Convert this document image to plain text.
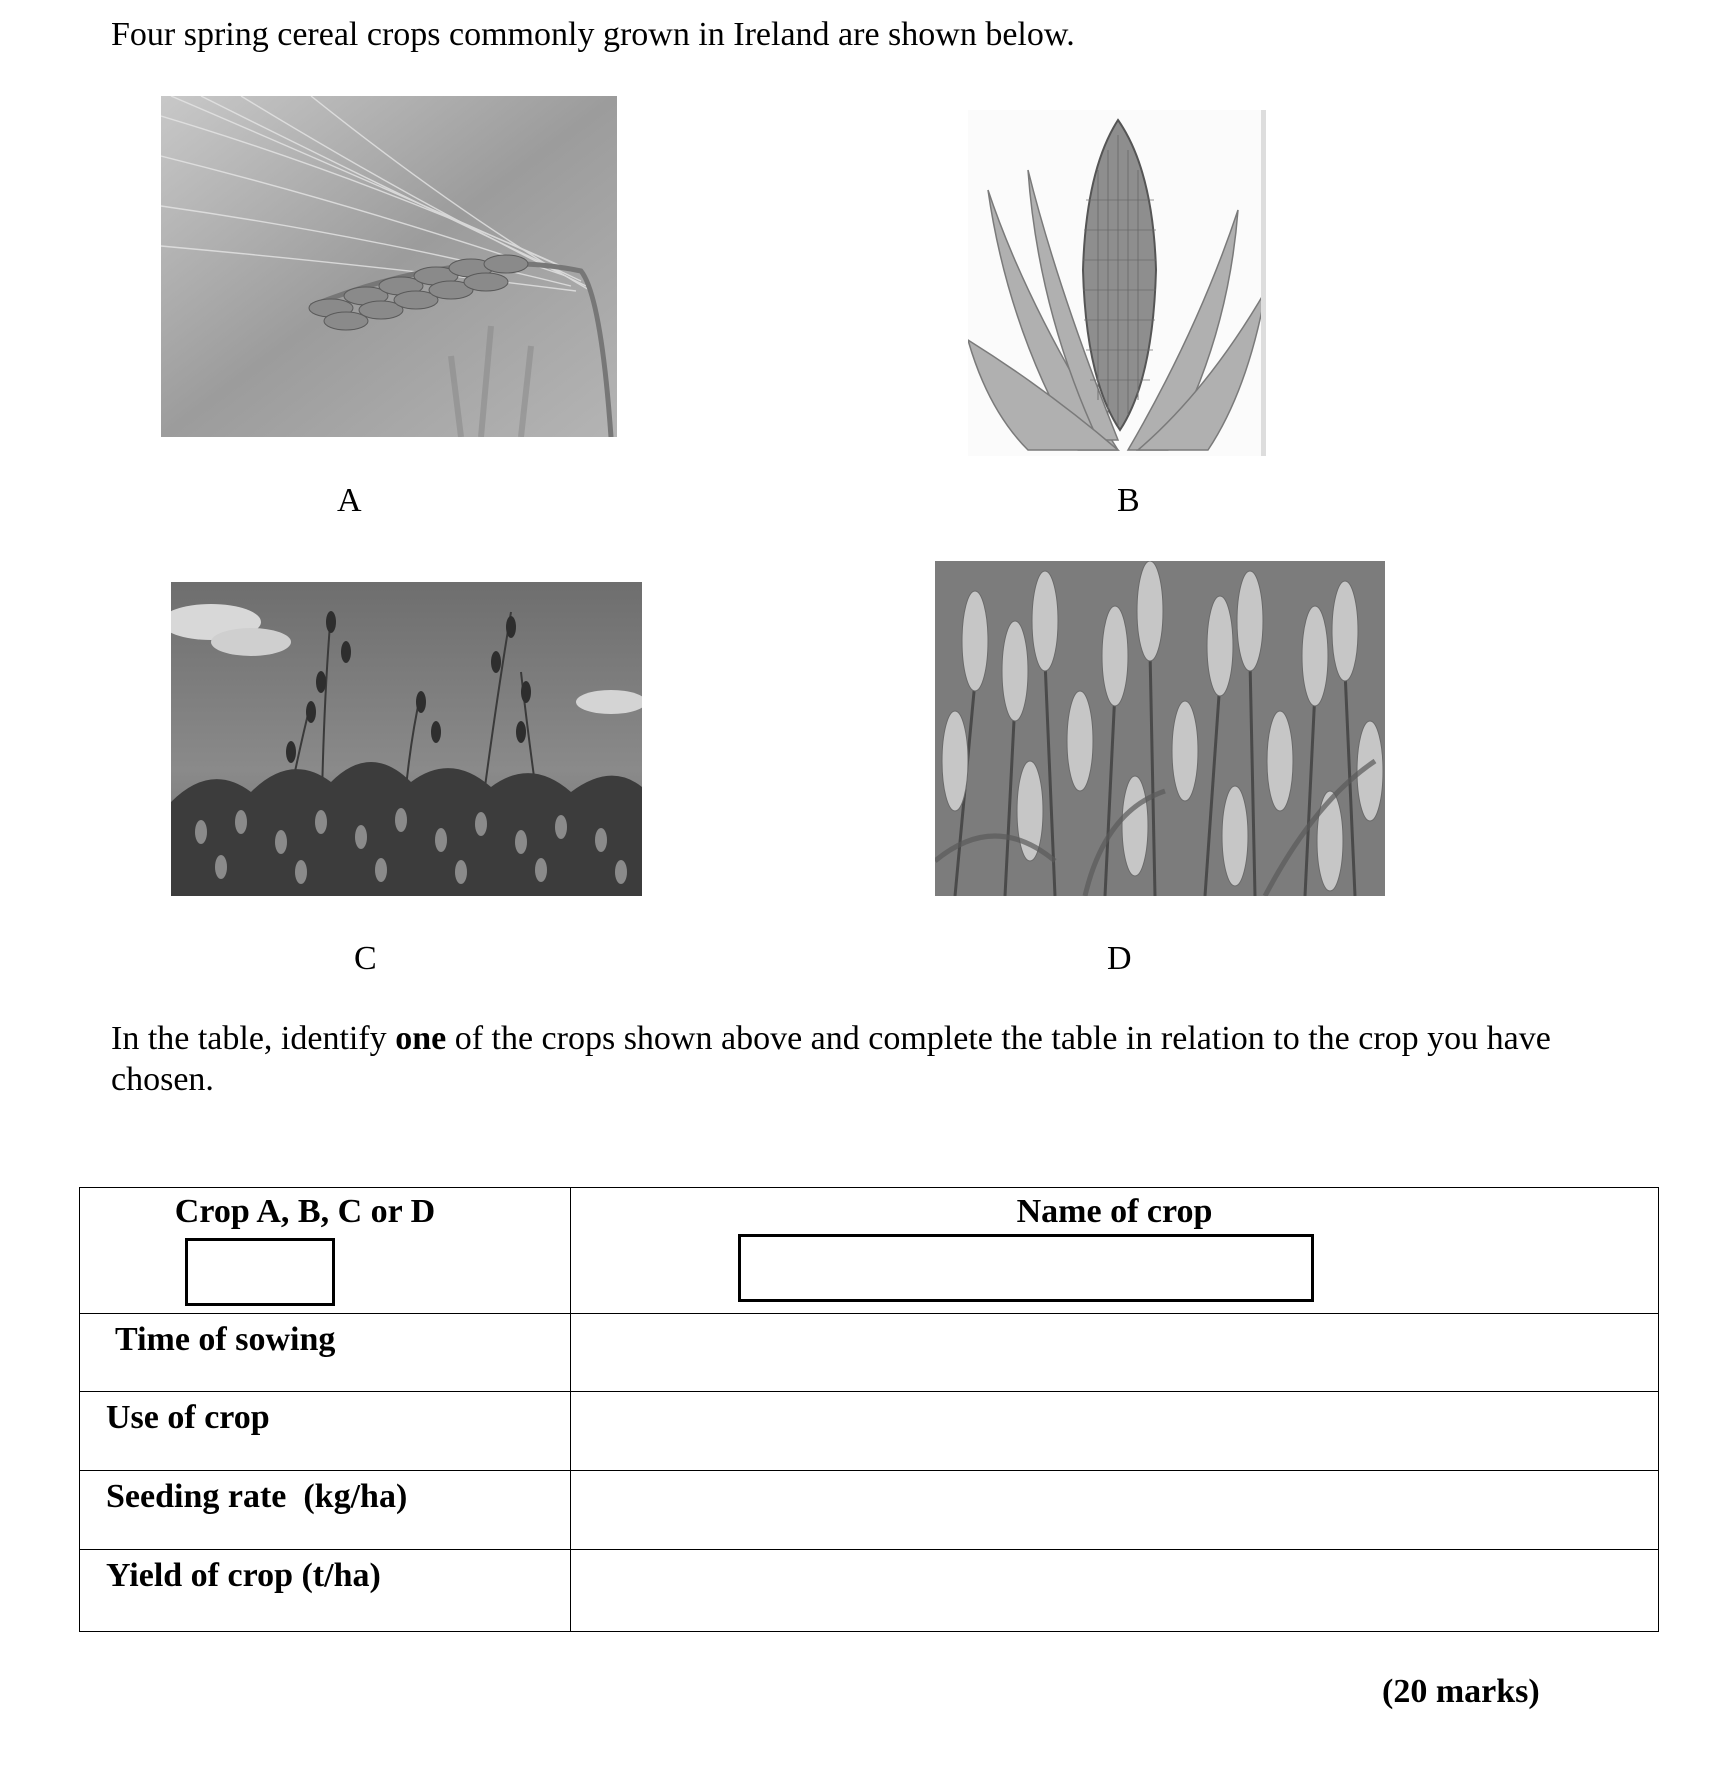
Four spring cereal crops commonly grown in Ireland are shown below.
A	B
C	D
In the table, identify one of the crops shown above and complete the table in relation to the crop you have chosen.
Crop A, B, C or D	Name of crop

Time of sowing	

Use of crop	

Seeding rate  (kg/ha)	

Yield of crop (t/ha)	

(20 marks)
